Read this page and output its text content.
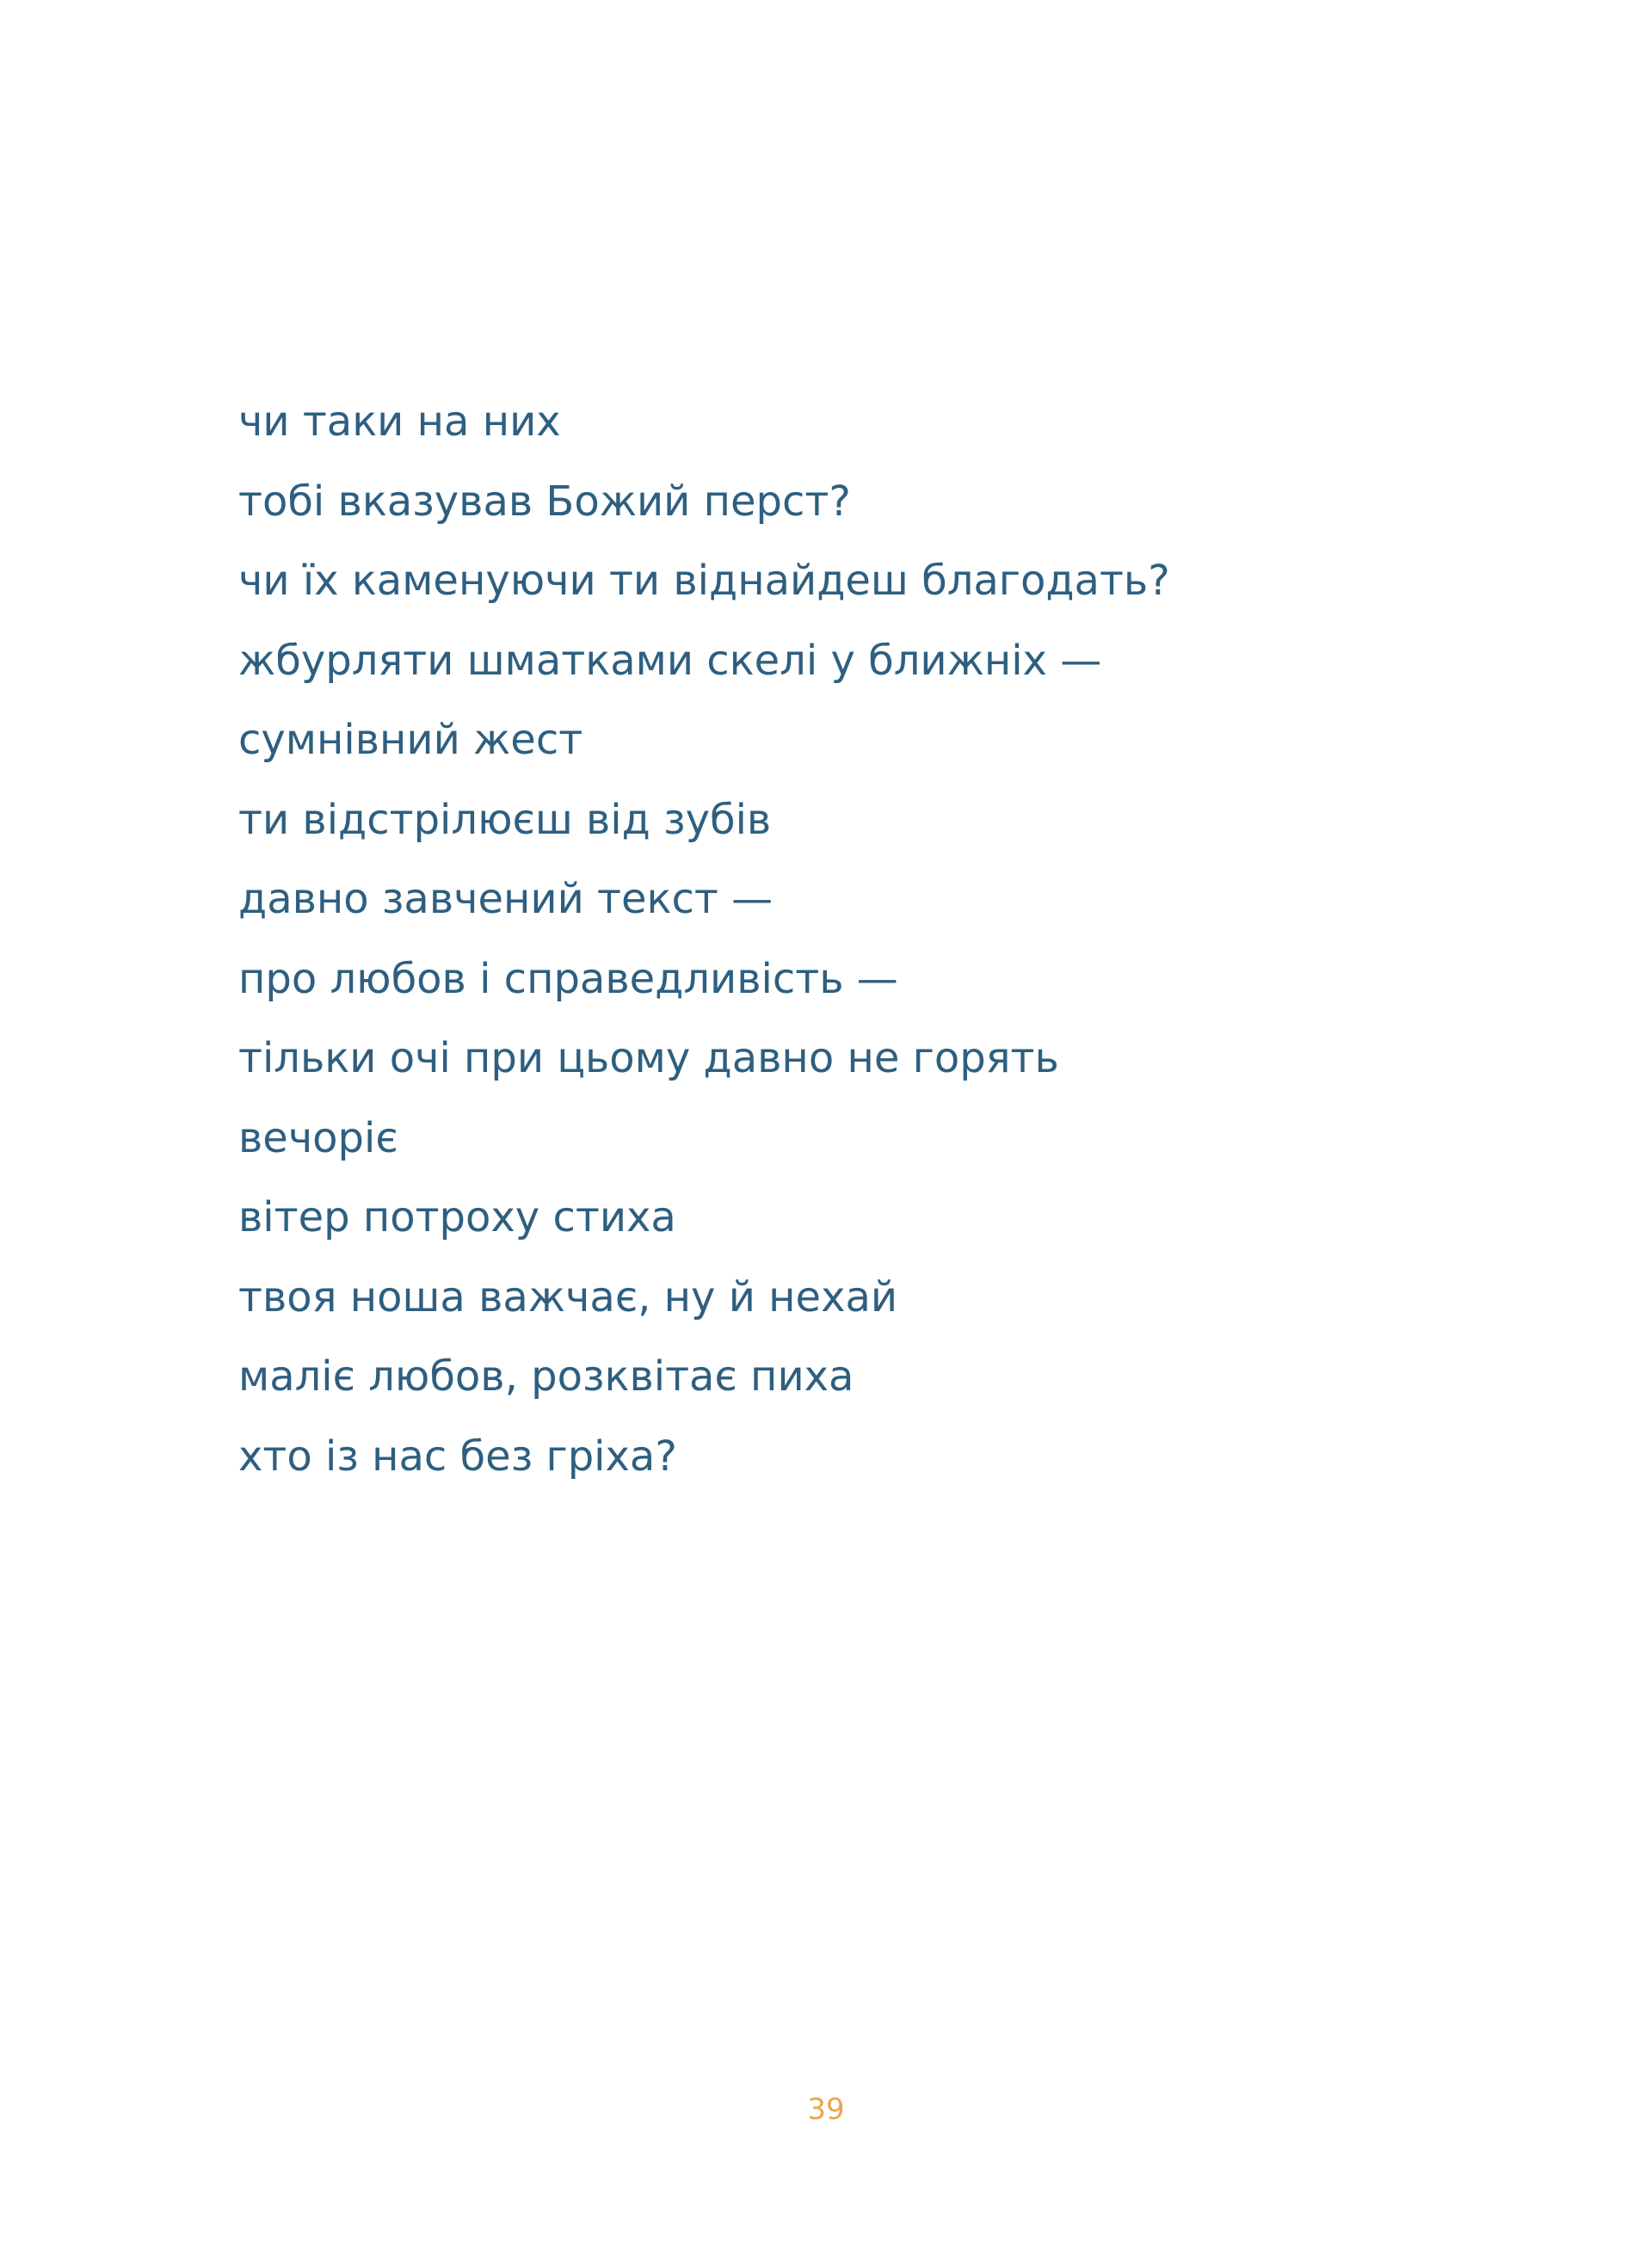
чи таки на них
тобі вказував Божий перст?
чи їх каменуючи ти віднайдеш благодать?
жбурляти шматками скелі у ближніх —
сумнівний жест
ти відстрілюєш від зубів
давно завчений текст —
про любов і справедливість —
тільки очі при цьому давно не горять
вечоріє
вітер потроху стиха
твоя ноша важчає, ну й нехай
маліє любов, розквітає пиха
хто із нас без гріха?
39
